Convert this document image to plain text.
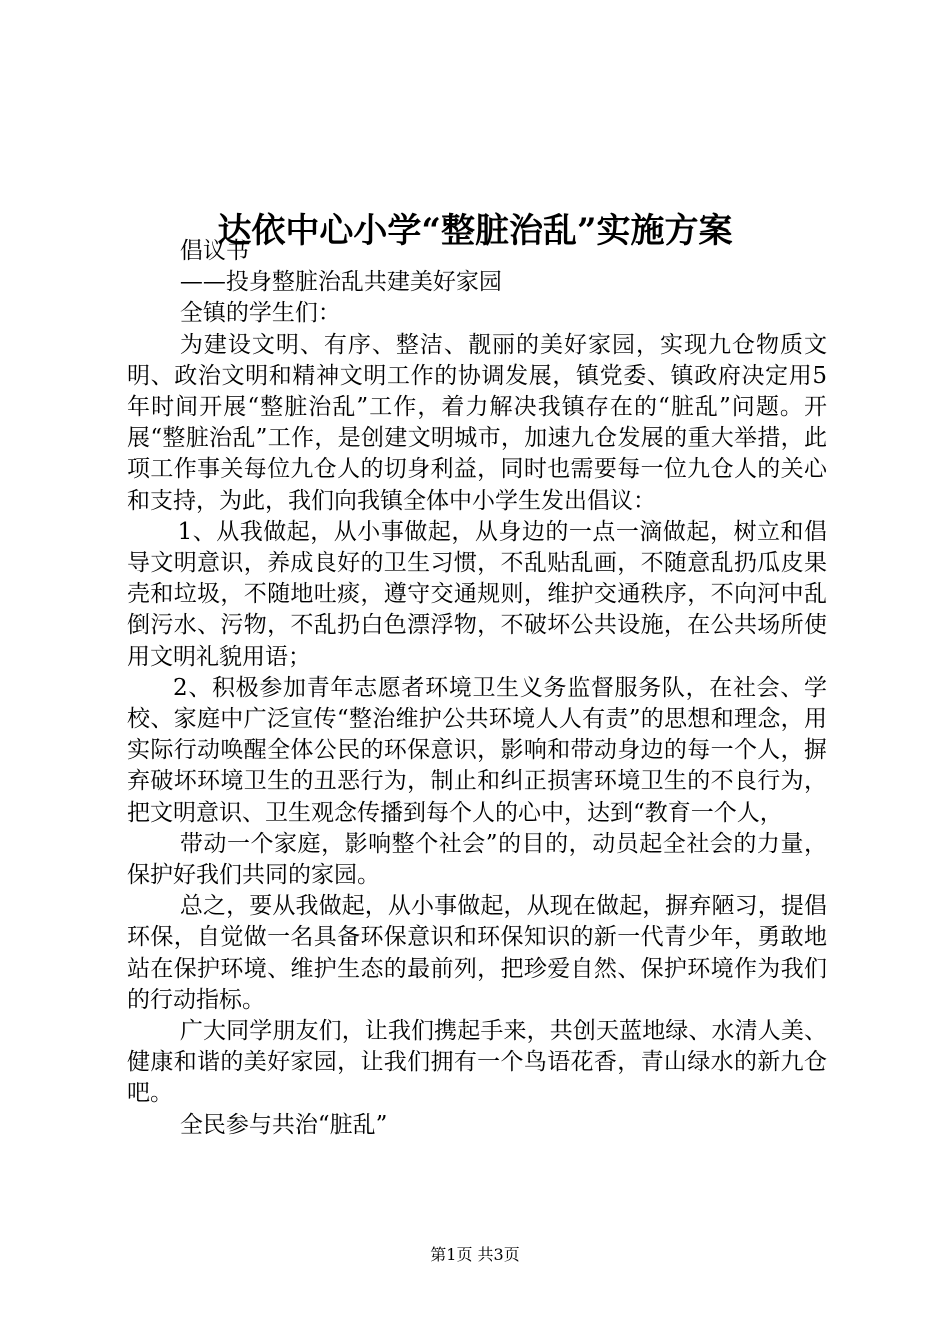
达依中心小学“整脏治乱”实施方案

倡议书

——投身整脏治乱共建美好家园

全镇的学生们：

为建设文明、有序、整洁、靓丽的美好家园，实现九仓物质文明、政治文明和精神文明工作的协调发展，镇党委、镇政府决定用5年时间开展“整脏治乱”工作，着力解决我镇存在的“脏乱”问题。开展“整脏治乱”工作，是创建文明城市，加速九仓发展的重大举措，此项工作事关每位九仓人的切身利益，同时也需要每一位九仓人的关心和支持，为此，我们向我镇全体中小学生发出倡议：

1、从我做起，从小事做起，从身边的一点一滴做起，树立和倡导文明意识，养成良好的卫生习惯，不乱贴乱画，不随意乱扔瓜皮果壳和垃圾，不随地吐痰，遵守交通规则，维护交通秩序，不向河中乱倒污水、污物，不乱扔白色漂浮物，不破坏公共设施，在公共场所使用文明礼貌用语；

2、积极参加青年志愿者环境卫生义务监督服务队，在社会、学校、家庭中广泛宣传“整治维护公共环境人人有责”的思想和理念，用实际行动唤醒全体公民的环保意识，影响和带动身边的每一个人，摒弃破坏环境卫生的丑恶行为，制止和纠正损害环境卫生的不良行为，把文明意识、卫生观念传播到每个人的心中，达到“教育一个人，

带动一个家庭，影响整个社会”的目的，动员起全社会的力量，保护好我们共同的家园。

总之，要从我做起，从小事做起，从现在做起，摒弃陋习，提倡环保，自觉做一名具备环保意识和环保知识的新一代青少年，勇敢地站在保护环境、维护生态的最前列，把珍爱自然、保护环境作为我们的行动指标。

广大同学朋友们，让我们携起手来，共创天蓝地绿、水清人美、健康和谐的美好家园，让我们拥有一个鸟语花香，青山绿水的新九仓吧。

全民参与共治“脏乱”

第1页 共3页
